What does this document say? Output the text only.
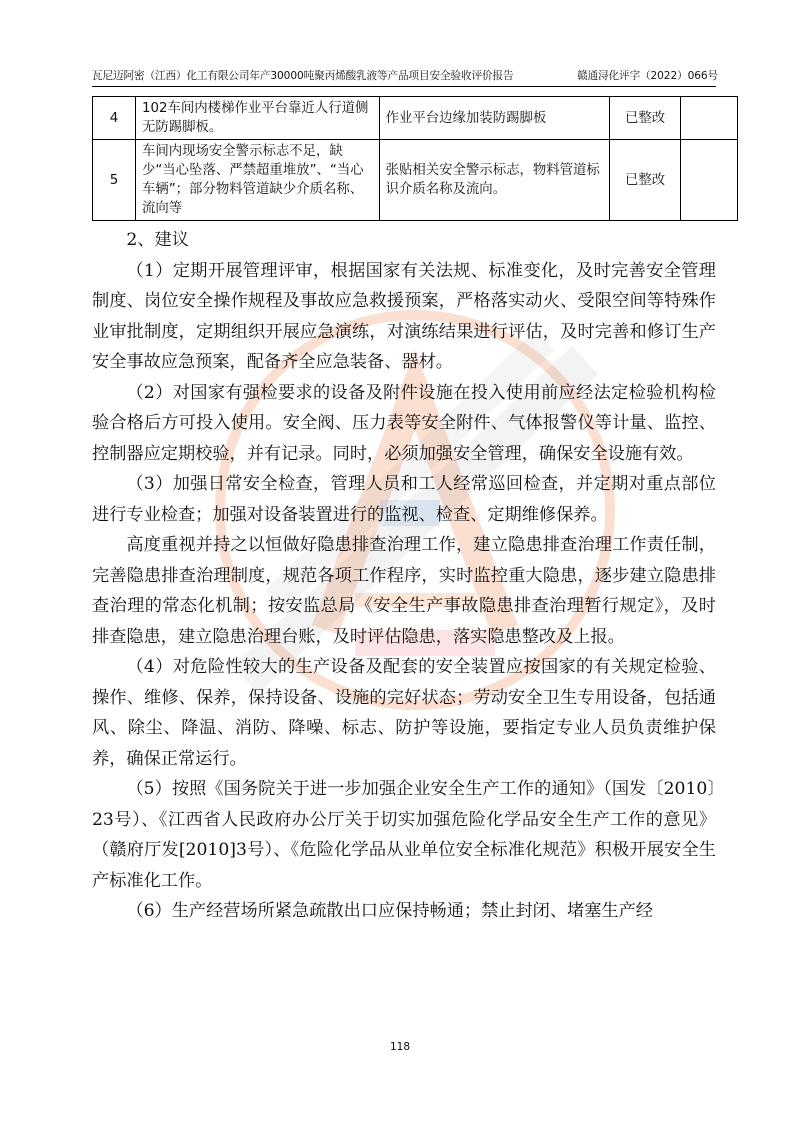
瓦尼迈阿密（江西）化工有限公司年产30000吨聚丙烯酸乳液等产品项目安全验收评价报告	赣通浔化评字（2022）066号
4	102车间内楼梯作业平台靠近人行道侧无防踢脚板。	作业平台边缘加装防踢脚板	已整改	
5	车间内现场安全警示标志不足，缺少“当心坠落、严禁超重堆放”、“当心车辆”；部分物料管道缺少介质名称、流向等	张贴相关安全警示标志，物料管道标识介质名称及流向。	已整改	

2、建议

（1）定期开展管理评审，根据国家有关法规、标准变化，及时完善安全管理制度、岗位安全操作规程及事故应急救援预案，严格落实动火、受限空间等特殊作业审批制度，定期组织开展应急演练，对演练结果进行评估，及时完善和修订生产安全事故应急预案，配备齐全应急装备、器材。

（2）对国家有强检要求的设备及附件设施在投入使用前应经法定检验机构检验合格后方可投入使用。安全阀、压力表等安全附件、气体报警仪等计量、监控、控制器应定期校验，并有记录。同时，必须加强安全管理，确保安全设施有效。

（3）加强日常安全检查，管理人员和工人经常巡回检查，并定期对重点部位进行专业检查；加强对设备装置进行的监视、检查、定期维修保养。

高度重视并持之以恒做好隐患排查治理工作，建立隐患排查治理工作责任制，完善隐患排查治理制度，规范各项工作程序，实时监控重大隐患，逐步建立隐患排查治理的常态化机制；按安监总局《安全生产事故隐患排查治理暂行规定》，及时排查隐患，建立隐患治理台账，及时评估隐患，落实隐患整改及上报。

（4）对危险性较大的生产设备及配套的安全装置应按国家的有关规定检验、操作、维修、保养，保持设备、设施的完好状态；劳动安全卫生专用设备，包括通风、除尘、降温、消防、降噪、标志、防护等设施，要指定专业人员负责维护保养，确保正常运行。

（5）按照《国务院关于进一步加强企业安全生产工作的通知》（国发〔2010〕23号）、《江西省人民政府办公厅关于切实加强危险化学品安全生产工作的意见》（赣府厅发[2010]3号）、《危险化学品从业单位安全标准化规范》积极开展安全生产标准化工作。

（6）生产经营场所紧急疏散出口应保持畅通；禁止封闭、堵塞生产经

118
